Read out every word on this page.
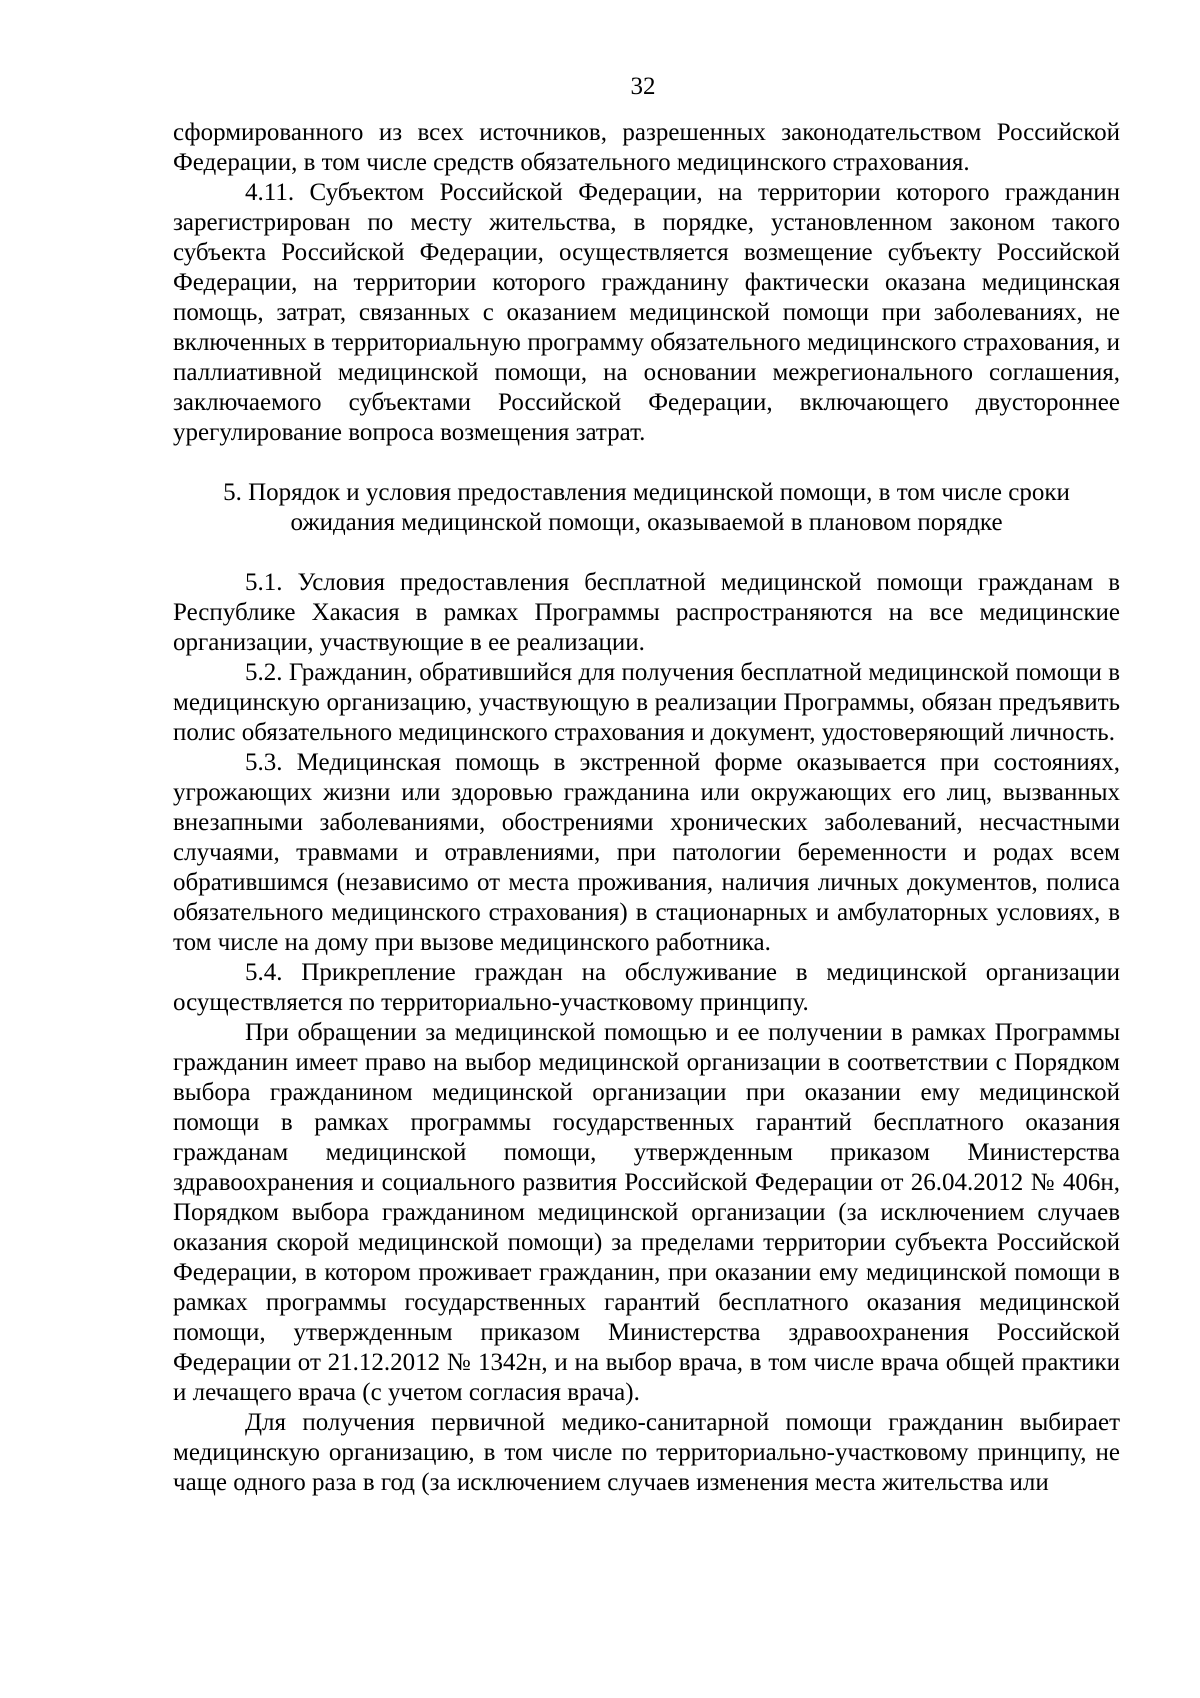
32

сформированного из всех источников, разрешенных законодательством Российской Федерации, в том числе средств обязательного медицинского страхования.

4.11. Субъектом Российской Федерации, на территории которого гражданин зарегистрирован по месту жительства, в порядке, установленном законом такого субъекта Российской Федерации, осуществляется возмещение субъекту Российской Федерации, на территории которого гражданину фактически оказана медицинская помощь, затрат, связанных с оказанием медицинской помощи при заболеваниях, не включенных в территориальную программу обязательного медицинского страхования, и паллиативной медицинской помощи, на основании межрегионального соглашения, заключаемого субъектами Российской Федерации, включающего двустороннее урегулирование вопроса возмещения затрат.

5. Порядок и условия предоставления медицинской помощи, в том числе сроки ожидания медицинской помощи, оказываемой в плановом порядке

5.1. Условия предоставления бесплатной медицинской помощи гражданам в Республике Хакасия в рамках Программы распространяются на все медицинские организации, участвующие в ее реализации.

5.2. Гражданин, обратившийся для получения бесплатной медицинской помощи в медицинскую организацию, участвующую в реализации Программы, обязан предъявить полис обязательного медицинского страхования и документ, удостоверяющий личность.

5.3. Медицинская помощь в экстренной форме оказывается при состояниях, угрожающих жизни или здоровью гражданина или окружающих его лиц, вызванных внезапными заболеваниями, обострениями хронических заболеваний, несчастными случаями, травмами и отравлениями, при патологии беременности и родах всем обратившимся (независимо от места проживания, наличия личных документов, полиса обязательного медицинского страхования) в стационарных и амбулаторных условиях, в том числе на дому при вызове медицинского работника.

5.4. Прикрепление граждан на обслуживание в медицинской организации осуществляется по территориально-участковому принципу.

При обращении за медицинской помощью и ее получении в рамках Программы гражданин имеет право на выбор медицинской организации в соответствии с Порядком выбора гражданином медицинской организации при оказании ему медицинской помощи в рамках программы государственных гарантий бесплатного оказания гражданам медицинской помощи, утвержденным приказом Министерства здравоохранения и социального развития Российской Федерации от 26.04.2012 № 406н, Порядком выбора гражданином медицинской организации (за исключением случаев оказания скорой медицинской помощи) за пределами территории субъекта Российской Федерации, в котором проживает гражданин, при оказании ему медицинской помощи в рамках программы государственных гарантий бесплатного оказания медицинской помощи, утвержденным приказом Министерства здравоохранения Российской Федерации от 21.12.2012 № 1342н, и на выбор врача, в том числе врача общей практики и лечащего врача (с учетом согласия врача).

Для получения первичной медико-санитарной помощи гражданин выбирает медицинскую организацию, в том числе по территориально-участковому принципу, не чаще одного раза в год (за исключением случаев изменения места жительства или
